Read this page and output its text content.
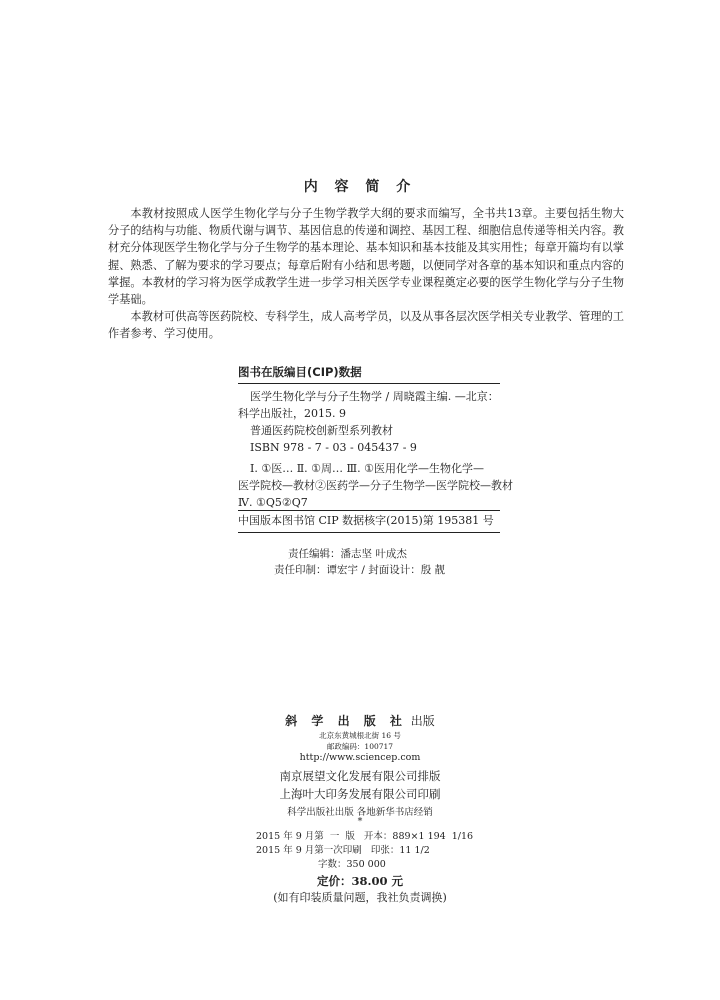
内 容 简 介

本教材按照成人医学生物化学与分子生物学教学大纲的要求而编写，全书共13章。主要包括生物大分子的结构与功能、物质代谢与调节、基因信息的传递和调控、基因工程、细胞信息传递等相关内容。教材充分体现医学生物化学与分子生物学的基本理论、基本知识和基本技能及其实用性；每章开篇均有以掌握、熟悉、了解为要求的学习要点；每章后附有小结和思考题，以便同学对各章的基本知识和重点内容的掌握。本教材的学习将为医学成教学生进一步学习相关医学专业课程奠定必要的医学生物化学与分子生物学基础。

本教材可供高等医药院校、专科学生，成人高考学员，以及从事各层次医学相关专业教学、管理的工作者参考、学习使用。

图书在版编目(CIP)数据
医学生物化学与分子生物学 / 周晓霞主编. —北京：
科学出版社，2015. 9
普通医药院校创新型系列教材
ISBN 978 - 7 - 03 - 045437 - 9
Ⅰ. ①医… Ⅱ. ①周… Ⅲ. ①医用化学—生物化学—
医学院校—教材②医药学—分子生物学—医学院校—教材
Ⅳ. ①Q5②Q7
中国版本图书馆 CIP 数据核字(2015)第 195381 号
责任编辑：潘志坚 叶成杰
责任印制：谭宏宇 / 封面设计：殷 靓
斜 学 出 版 社 出版
北京东黄城根北街 16 号
邮政编码：100717
http://www.sciencep.com
南京展望文化发展有限公司排版
上海叶大印务发展有限公司印刷
科学出版社出版 各地新华书店经销
*
2015 年 9 月第  一  版   开本：889×1 194  1/16
2015 年 9 月第一次印刷   印张：11 1/2
字数：350 000
定价：38.00 元
(如有印装质量问题，我社负责调换)
